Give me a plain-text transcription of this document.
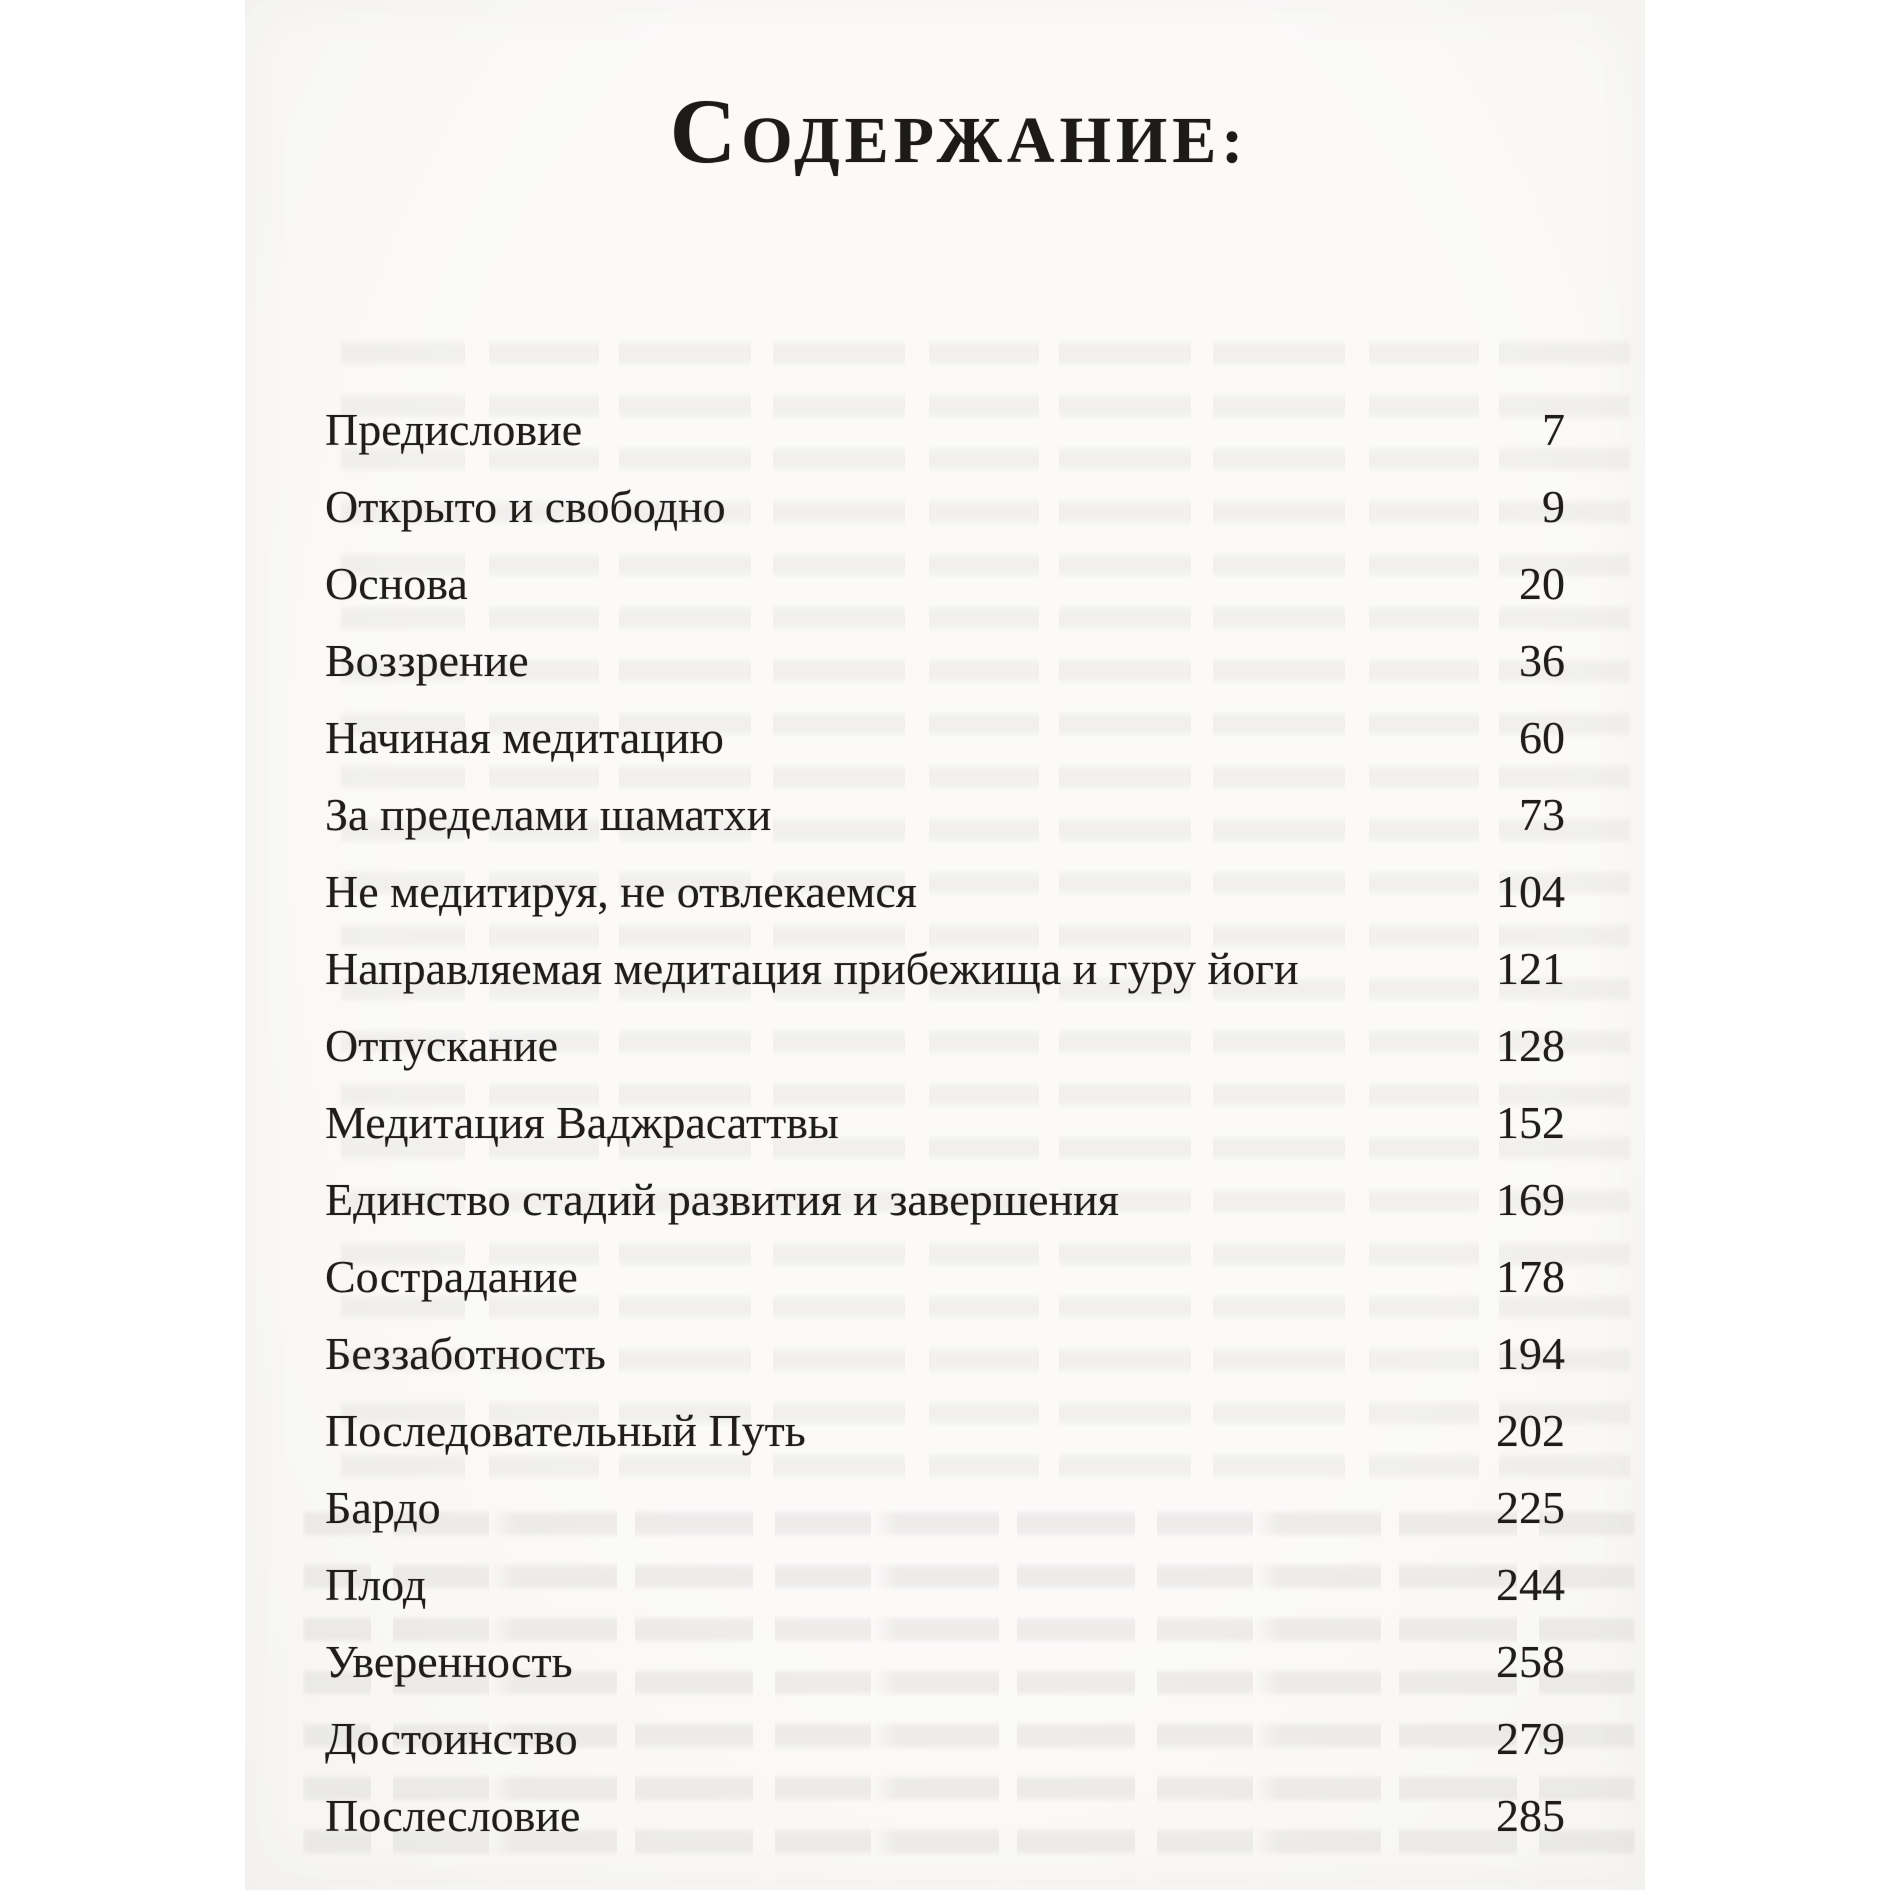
СОДЕРЖАНИЕ:
Предисловие	7
Открыто и свободно	9
Основа	20
Воззрение	36
Начиная медитацию	60
За пределами шаматхи	73
Не медитируя, не отвлекаемся	104
Направляемая медитация прибежища и гуру йоги	121
Отпускание	128
Медитация Ваджрасаттвы	152
Единство стадий развития и завершения	169
Сострадание	178
Беззаботность	194
Последовательный Путь	202
Бардо	225
Плод	244
Уверенность	258
Достоинство	279
Послесловие	285
